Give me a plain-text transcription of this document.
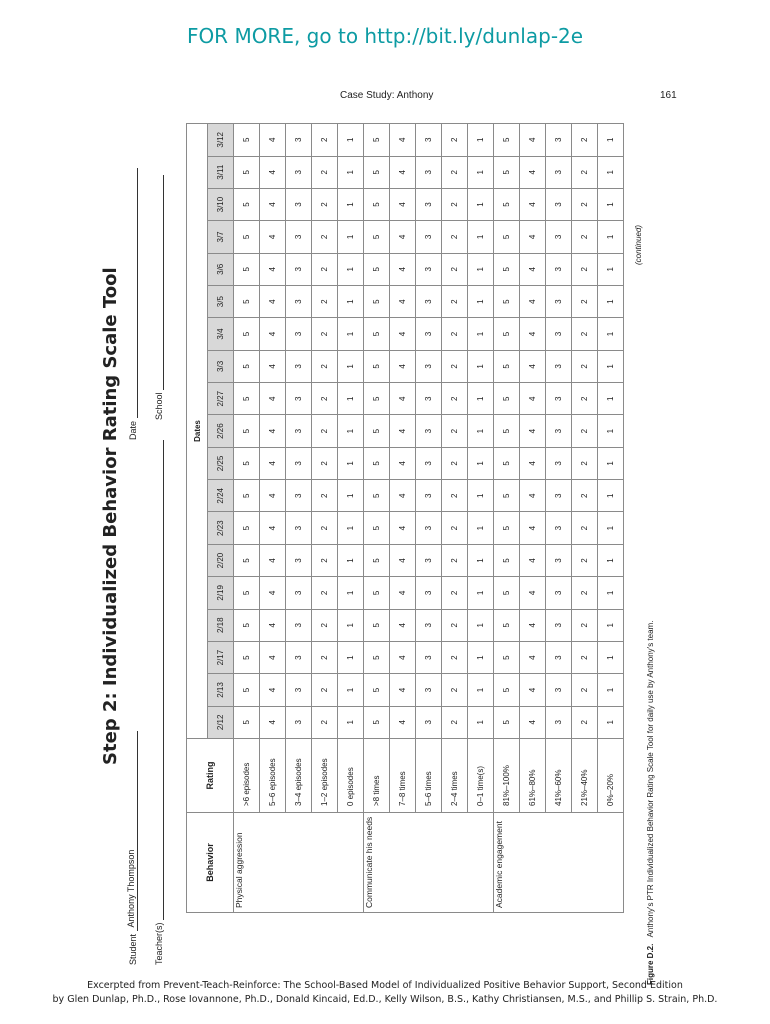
FOR MORE, go to http://bit.ly/dunlap-2e
Case Study: Anthony	161
Step 2: Individualized Behavior Rating Scale Tool
Student Anthony Thompson
Date
Teacher(s)
School
Behavior	Rating	Dates																		
		2/12	2/13	2/17	2/18	2/19	2/20	2/23	2/24	2/25	2/26	2/27	3/3	3/4	3/5	3/6	3/7	3/10	3/11	3/12
Physical aggression	>6 episodes	5	5	5	5	5	5	5	5	5	5	5	5	5	5	5	5	5	5	5
	5–6 episodes	4	4	4	4	4	4	4	4	4	4	4	4	4	4	4	4	4	4	4
	3–4 episodes	3	3	3	3	3	3	3	3	3	3	3	3	3	3	3	3	3	3	3
	1–2 episodes	2	2	2	2	2	2	2	2	2	2	2	2	2	2	2	2	2	2	2
	0 episodes	1	1	1	1	1	1	1	1	1	1	1	1	1	1	1	1	1	1	1
Communicate his needs	>8 times	5	5	5	5	5	5	5	5	5	5	5	5	5	5	5	5	5	5	5
	7–8 times	4	4	4	4	4	4	4	4	4	4	4	4	4	4	4	4	4	4	4
	5–6 times	3	3	3	3	3	3	3	3	3	3	3	3	3	3	3	3	3	3	3
	2–4 times	2	2	2	2	2	2	2	2	2	2	2	2	2	2	2	2	2	2	2
	0–1 time(s)	1	1	1	1	1	1	1	1	1	1	1	1	1	1	1	1	1	1	1
Academic engagement	81%–100%	5	5	5	5	5	5	5	5	5	5	5	5	5	5	5	5	5	5	5
	61%–80%	4	4	4	4	4	4	4	4	4	4	4	4	4	4	4	4	4	4	4
	41%–60%	3	3	3	3	3	3	3	3	3	3	3	3	3	3	3	3	3	3	3
	21%–40%	2	2	2	2	2	2	2	2	2	2	2	2	2	2	2	2	2	2	2
	0%–20%	1	1	1	1	1	1	1	1	1	1	1	1	1	1	1	1	1	1	1
Figure D.2.   Anthony's PTR Individualized Behavior Rating Scale Tool for daily use by Anthony's team.
(continued)
Excerpted from Prevent-Teach-Reinforce: The School-Based Model of Individualized Positive Behavior Support, Second Edition
by Glen Dunlap, Ph.D., Rose Iovannone, Ph.D., Donald Kincaid, Ed.D., Kelly Wilson, B.S., Kathy Christiansen, M.S., and Phillip S. Strain, Ph.D.
